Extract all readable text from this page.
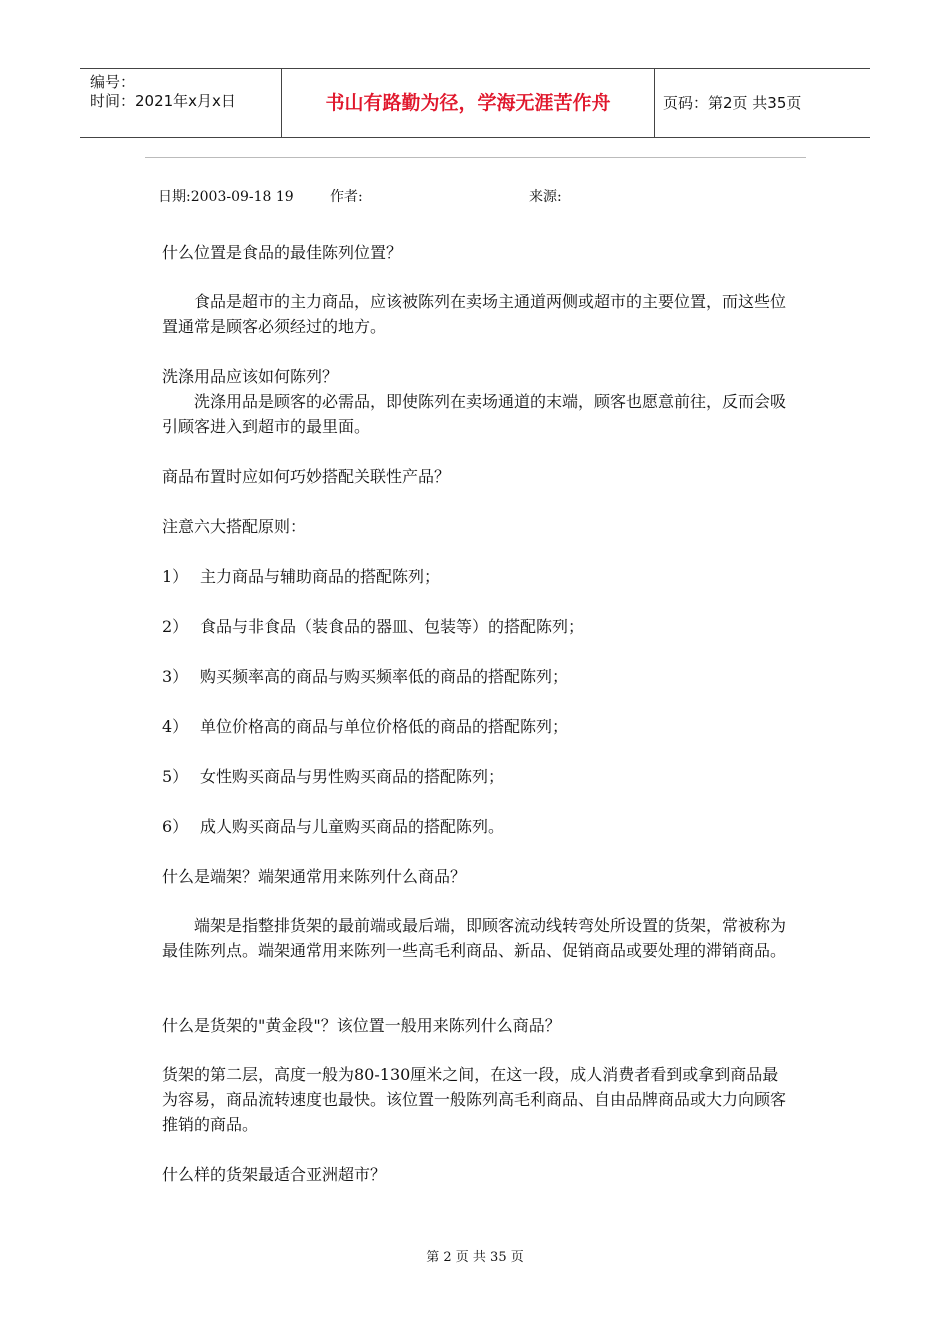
编号：
时间：2021年x月x日	书山有路勤为径，学海无涯苦作舟	页码：第2页 共35页
日期:2003-09-18 19	作者:	来源:

什么位置是食品的最佳陈列位置？

食品是超市的主力商品，应该被陈列在卖场主通道两侧或超市的主要位置，而这些位置通常是顾客必须经过的地方。

洗涤用品应该如何陈列？

洗涤用品是顾客的必需品，即使陈列在卖场通道的末端，顾客也愿意前往，反而会吸引顾客进入到超市的最里面。

商品布置时应如何巧妙搭配关联性产品？

注意六大搭配原则：

1） 主力商品与辅助商品的搭配陈列；

2） 食品与非食品（装食品的器皿、包装等）的搭配陈列；

3） 购买频率高的商品与购买频率低的商品的搭配陈列；

4） 单位价格高的商品与单位价格低的商品的搭配陈列；

5） 女性购买商品与男性购买商品的搭配陈列；

6） 成人购买商品与儿童购买商品的搭配陈列。

什么是端架？端架通常用来陈列什么商品？

端架是指整排货架的最前端或最后端，即顾客流动线转弯处所设置的货架，常被称为最佳陈列点。端架通常用来陈列一些高毛利商品、新品、促销商品或要处理的滞销商品。

什么是货架的"黄金段"？该位置一般用来陈列什么商品？

货架的第二层，高度一般为80-130厘米之间，在这一段，成人消费者看到或拿到商品最为容易，商品流转速度也最快。该位置一般陈列高毛利商品、自由品牌商品或大力向顾客推销的商品。

什么样的货架最适合亚洲超市？

第 2 页 共 35 页
